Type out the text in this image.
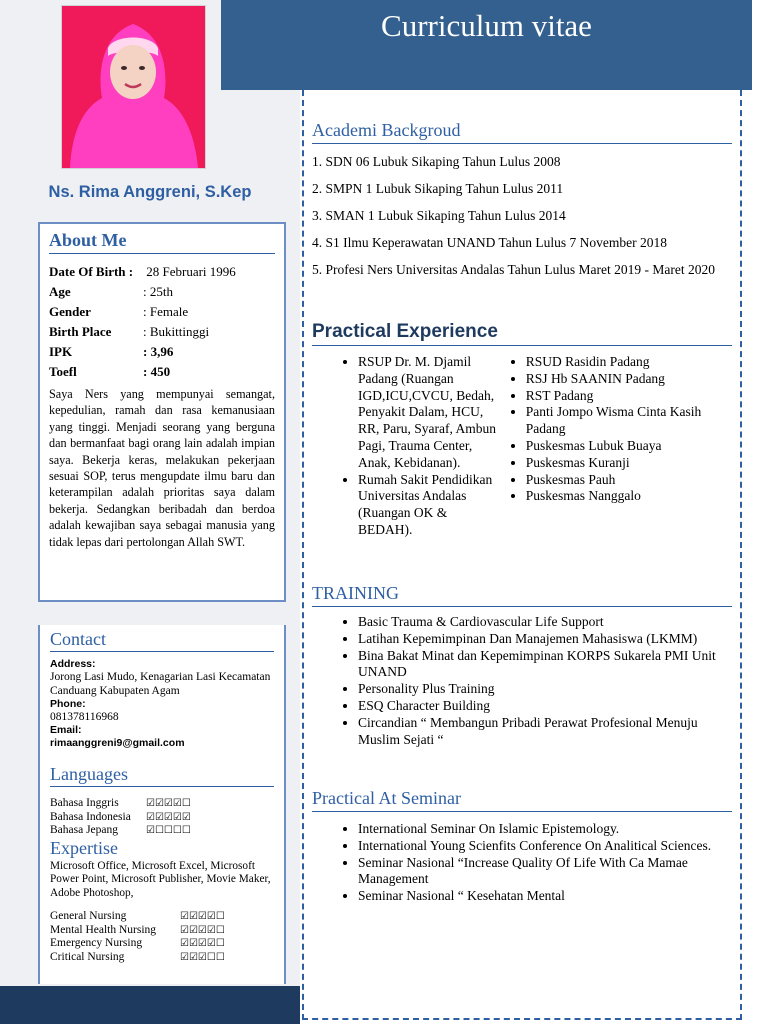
Ns. Rima Anggreni, S.Kep
About Me
Date Of Birth : 28 Februari 1996
Age	: 25th
Gender	: Female
Birth Place : Bukittinggi
IPK	: 3,96
Toefl	: 450

Saya Ners yang mempunyai semangat, kepedulian, ramah dan rasa kemanusiaan yang tinggi. Menjadi seorang yang berguna dan bermanfaat bagi orang lain adalah impian saya. Bekerja keras, melakukan pekerjaan sesuai SOP, terus mengupdate ilmu baru dan keterampilan adalah prioritas saya dalam bekerja. Sedangkan beribadah dan berdoa adalah kewajiban saya sebagai manusia yang tidak lepas dari pertolongan Allah SWT.

Contact
Address:
Jorong Lasi Mudo, Kenagarian Lasi Kecamatan Canduang Kabupaten Agam
Phone:
081378116968
Email:
rimaanggreni9@gmail.com
Languages
Bahasa Inggris	☑☑☑☑☐
Bahasa Indonesia ☑☑☑☑☑
Bahasa Jepang	☑☐☐☐☐
Expertise
Microsoft Office, Microsoft Excel, Microsoft Power Point, Microsoft Publisher, Movie Maker, Adobe Photoshop,
General Nursing	☑☑☑☑☐
Mental Health Nursing ☑☑☑☑☐
Emergency Nursing	☑☑☑☑☐
Critical Nursing	☑☑☑☐☐
Curriculum vitae
Academi Backgroud
1. SDN 06 Lubuk Sikaping Tahun Lulus 2008
2. SMPN 1 Lubuk Sikaping Tahun Lulus 2011
3. SMAN 1 Lubuk Sikaping Tahun Lulus 2014
4. S1 Ilmu Keperawatan UNAND Tahun Lulus 7 November 2018
5. Profesi Ners Universitas Andalas Tahun Lulus Maret 2019 - Maret 2020
Practical Experience
• RSUP Dr. M. Djamil Padang (Ruangan IGD,ICU,CVCU, Bedah, Penyakit Dalam, HCU, RR, Paru, Syaraf, Ambun Pagi, Trauma Center, Anak, Kebidanan).
• Rumah Sakit Pendidikan Universitas Andalas (Ruangan OK & BEDAH).
• RSUD Rasidin Padang
• RSJ Hb SAANIN Padang
• RST Padang
• Panti Jompo Wisma Cinta Kasih Padang
• Puskesmas Lubuk Buaya
• Puskesmas Kuranji
• Puskesmas Pauh
• Puskesmas Nanggalo
TRAINING
• Basic Trauma & Cardiovascular Life Support
• Latihan Kepemimpinan Dan Manajemen Mahasiswa (LKMM)
• Bina Bakat Minat dan Kepemimpinan KORPS Sukarela PMI Unit UNAND
• Personality Plus Training
• ESQ Character Building
• Circandian “ Membangun Pribadi Perawat Profesional Menuju Muslim Sejati “
Practical At Seminar
• International Seminar On Islamic Epistemology.
• International Young Scienfits Conference On Analitical Sciences.
• Seminar Nasional “Increase Quality Of Life With Ca Mamae Management
• Seminar Nasional “ Kesehatan Mental
